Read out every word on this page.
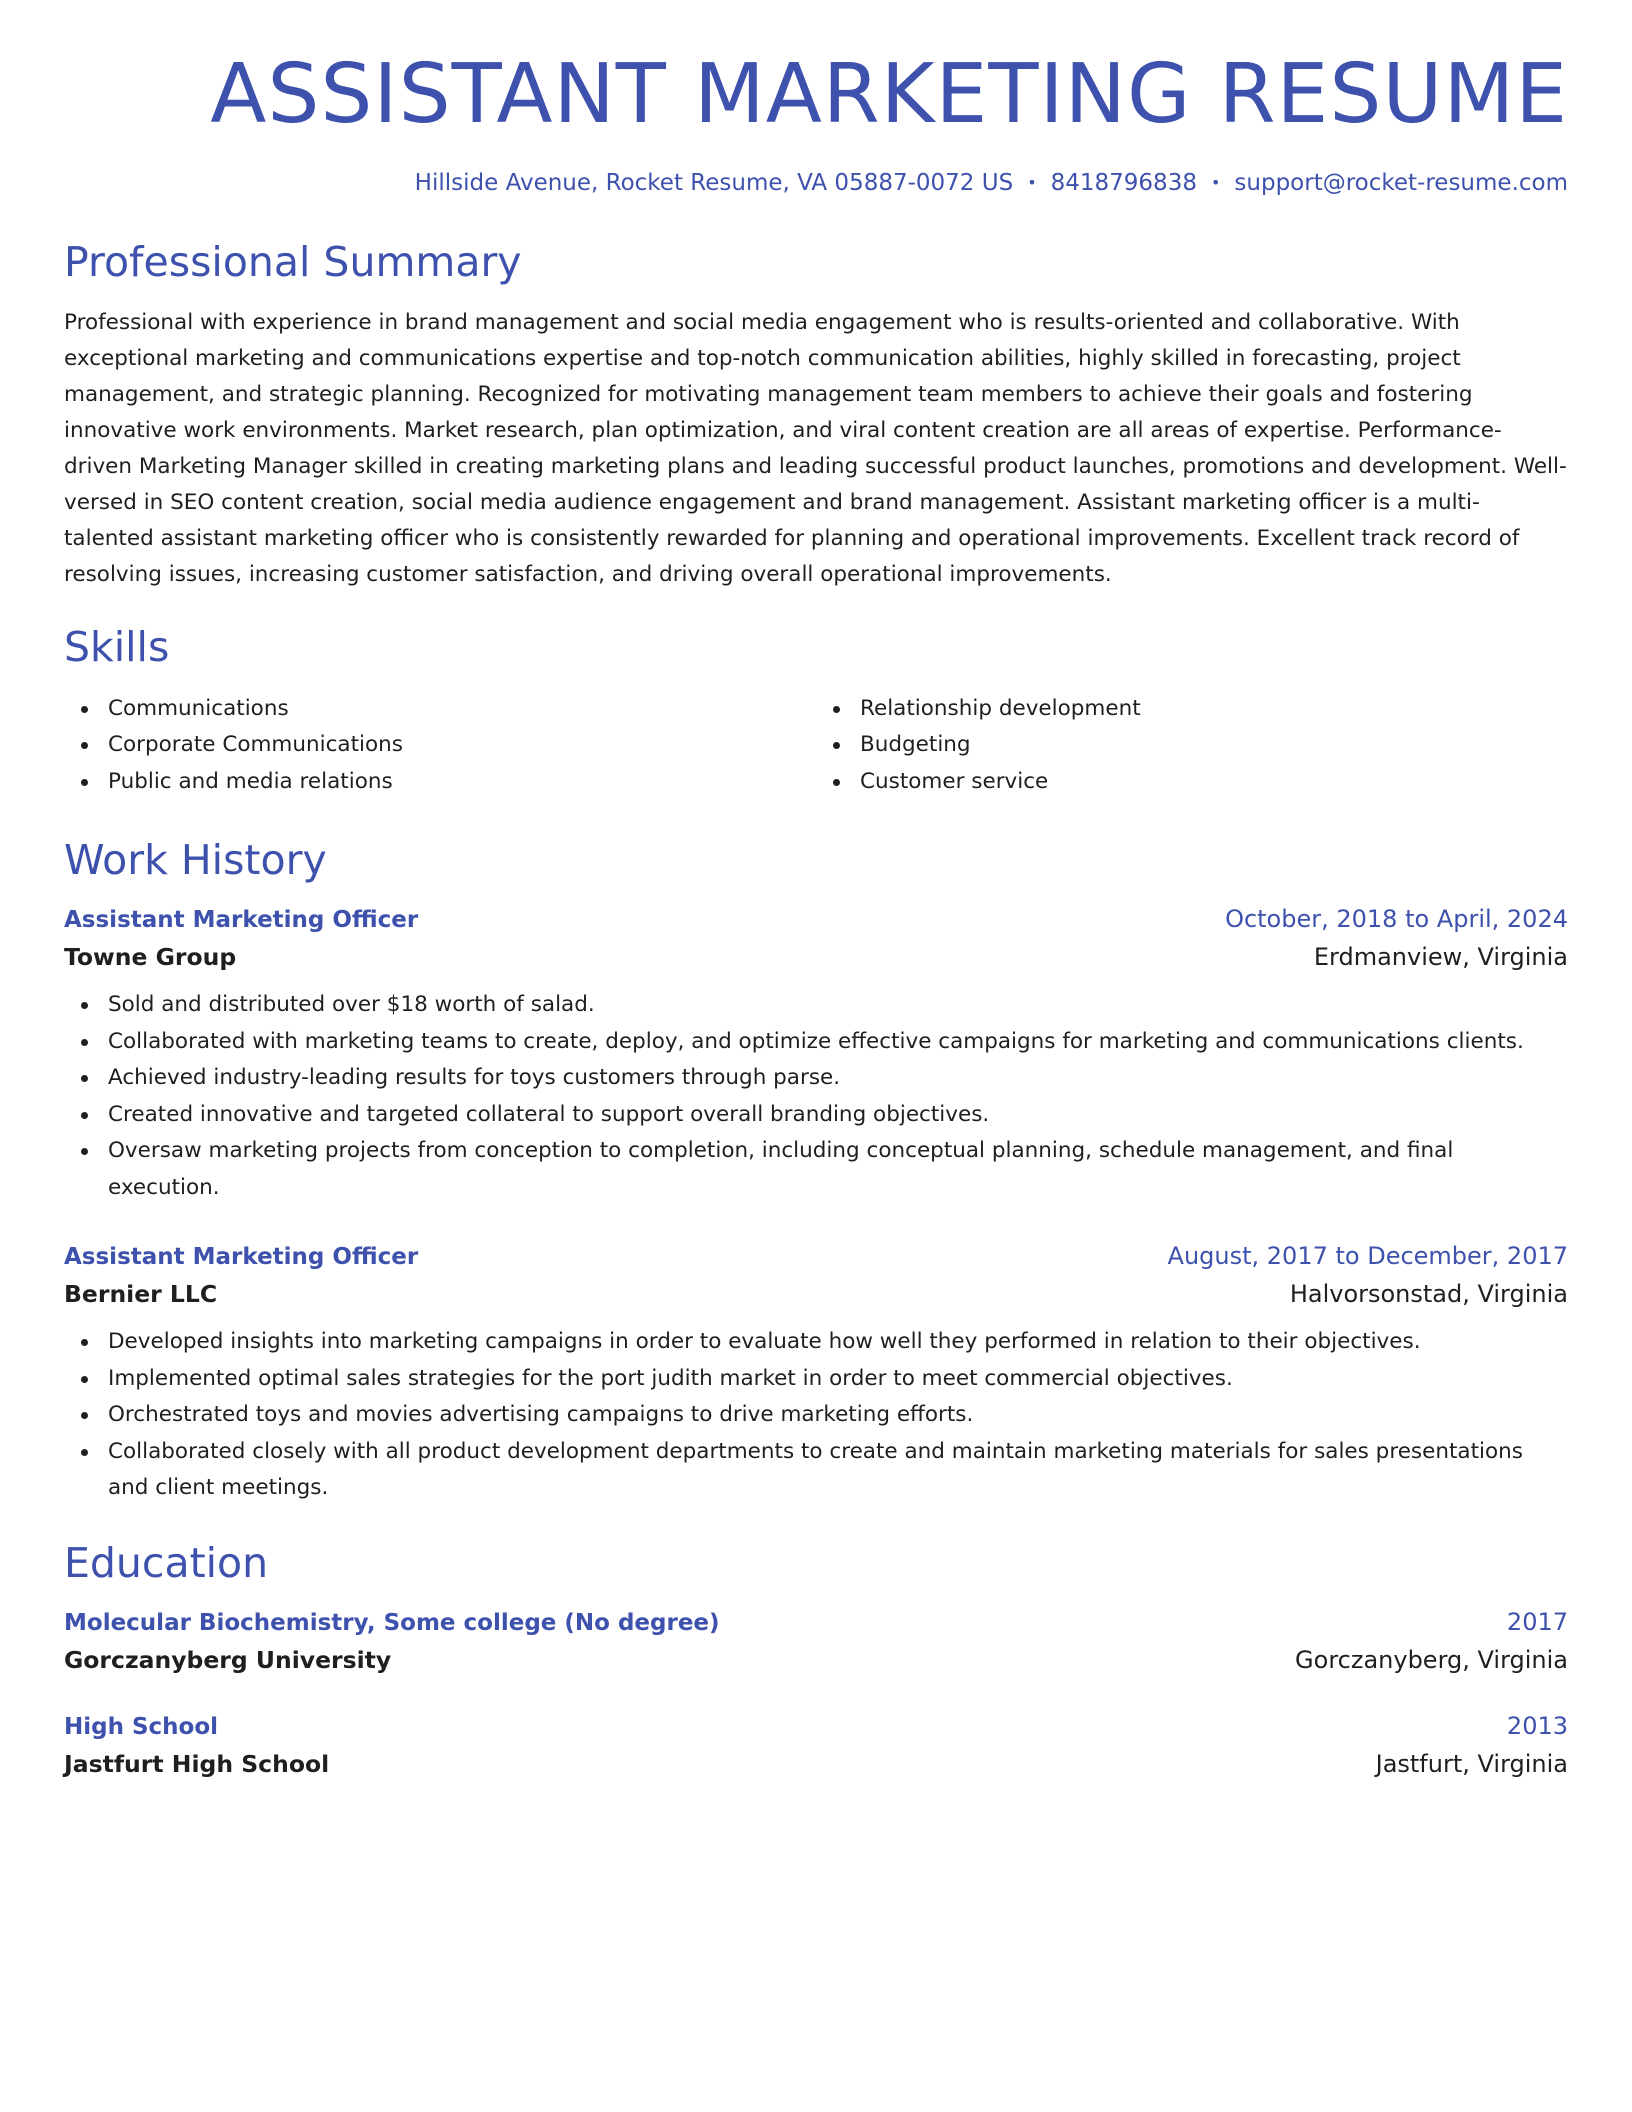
ASSISTANT MARKETING RESUME
Hillside Avenue, Rocket Resume, VA 05887-0072 US • 8418796838 • support@rocket-resume.com
Professional Summary

Professional with experience in brand management and social media engagement who is results-oriented and collaborative. With exceptional marketing and communications expertise and top-notch communication abilities, highly skilled in forecasting, project management, and strategic planning. Recognized for motivating management team members to achieve their goals and fostering innovative work environments. Market research, plan optimization, and viral content creation are all areas of expertise. Performance-driven Marketing Manager skilled in creating marketing plans and leading successful product launches, promotions and development. Well-versed in SEO content creation, social media audience engagement and brand management. Assistant marketing officer is a multi-talented assistant marketing officer who is consistently rewarded for planning and operational improvements. Excellent track record of resolving issues, increasing customer satisfaction, and driving overall operational improvements.

Skills
Communications
Corporate Communications
Public and media relations
Relationship development
Budgeting
Customer service
Work History
Assistant Marketing Officer	October, 2018 to April, 2024
Towne Group	Erdmanview, Virginia
Sold and distributed over $18 worth of salad.
Collaborated with marketing teams to create, deploy, and optimize effective campaigns for marketing and communications clients.
Achieved industry-leading results for toys customers through parse.
Created innovative and targeted collateral to support overall branding objectives.
Oversaw marketing projects from conception to completion, including conceptual planning, schedule management, and final execution.
Assistant Marketing Officer	August, 2017 to December, 2017
Bernier LLC	Halvorsonstad, Virginia
Developed insights into marketing campaigns in order to evaluate how well they performed in relation to their objectives.
Implemented optimal sales strategies for the port judith market in order to meet commercial objectives.
Orchestrated toys and movies advertising campaigns to drive marketing efforts.
Collaborated closely with all product development departments to create and maintain marketing materials for sales presentations and client meetings.
Education
Molecular Biochemistry, Some college (No degree)	2017
Gorczanyberg University	Gorczanyberg, Virginia
High School	2013
Jastfurt High School	Jastfurt, Virginia
